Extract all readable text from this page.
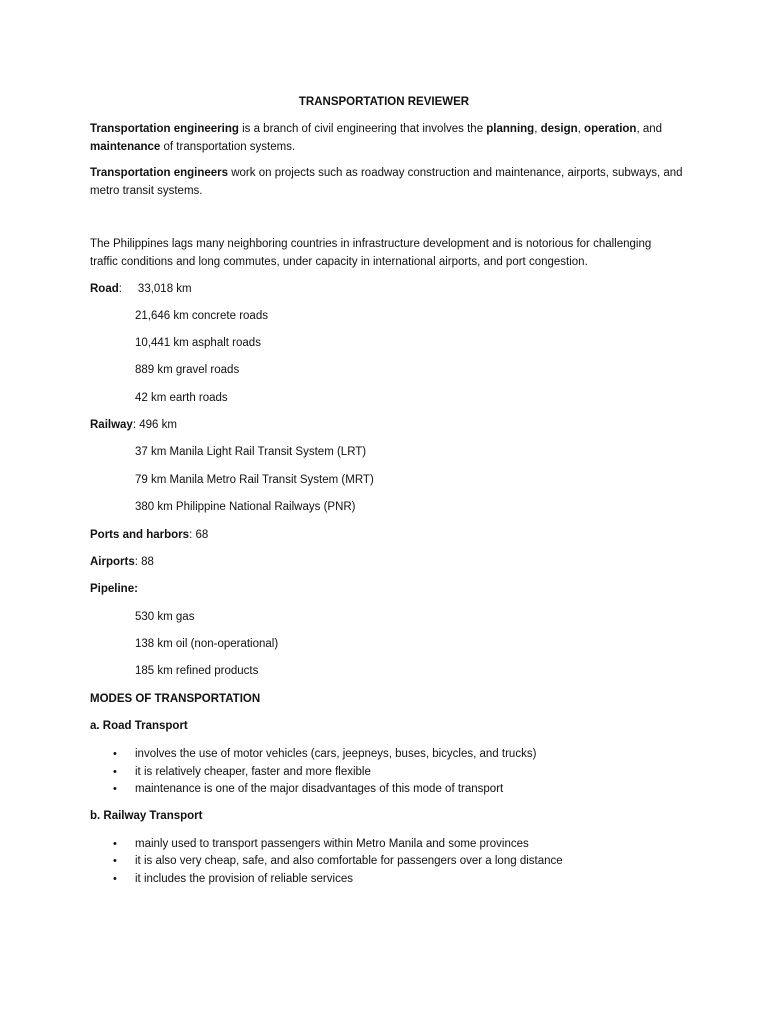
TRANSPORTATION REVIEWER
Transportation engineering is a branch of civil engineering that involves the planning, design, operation, and
maintenance of transportation systems.
Transportation engineers work on projects such as roadway construction and maintenance, airports, subways, and
metro transit systems.
The Philippines lags many neighboring countries in infrastructure development and is notorious for challenging
traffic conditions and long commutes, under capacity in international airports, and port congestion.
Road:     33,018 km
21,646 km concrete roads
10,441 km asphalt roads
889 km gravel roads
42 km earth roads
Railway: 496 km
37 km Manila Light Rail Transit System (LRT)
79 km Manila Metro Rail Transit System (MRT)
380 km Philippine National Railways (PNR)
Ports and harbors: 68
Airports: 88
Pipeline:
530 km gas
138 km oil (non-operational)
185 km refined products
MODES OF TRANSPORTATION
a. Road Transport
• involves the use of motor vehicles (cars, jeepneys, buses, bicycles, and trucks)
• it is relatively cheaper, faster and more flexible
• maintenance is one of the major disadvantages of this mode of transport
b. Railway Transport
• mainly used to transport passengers within Metro Manila and some provinces
• it is also very cheap, safe, and also comfortable for passengers over a long distance
• it includes the provision of reliable services
